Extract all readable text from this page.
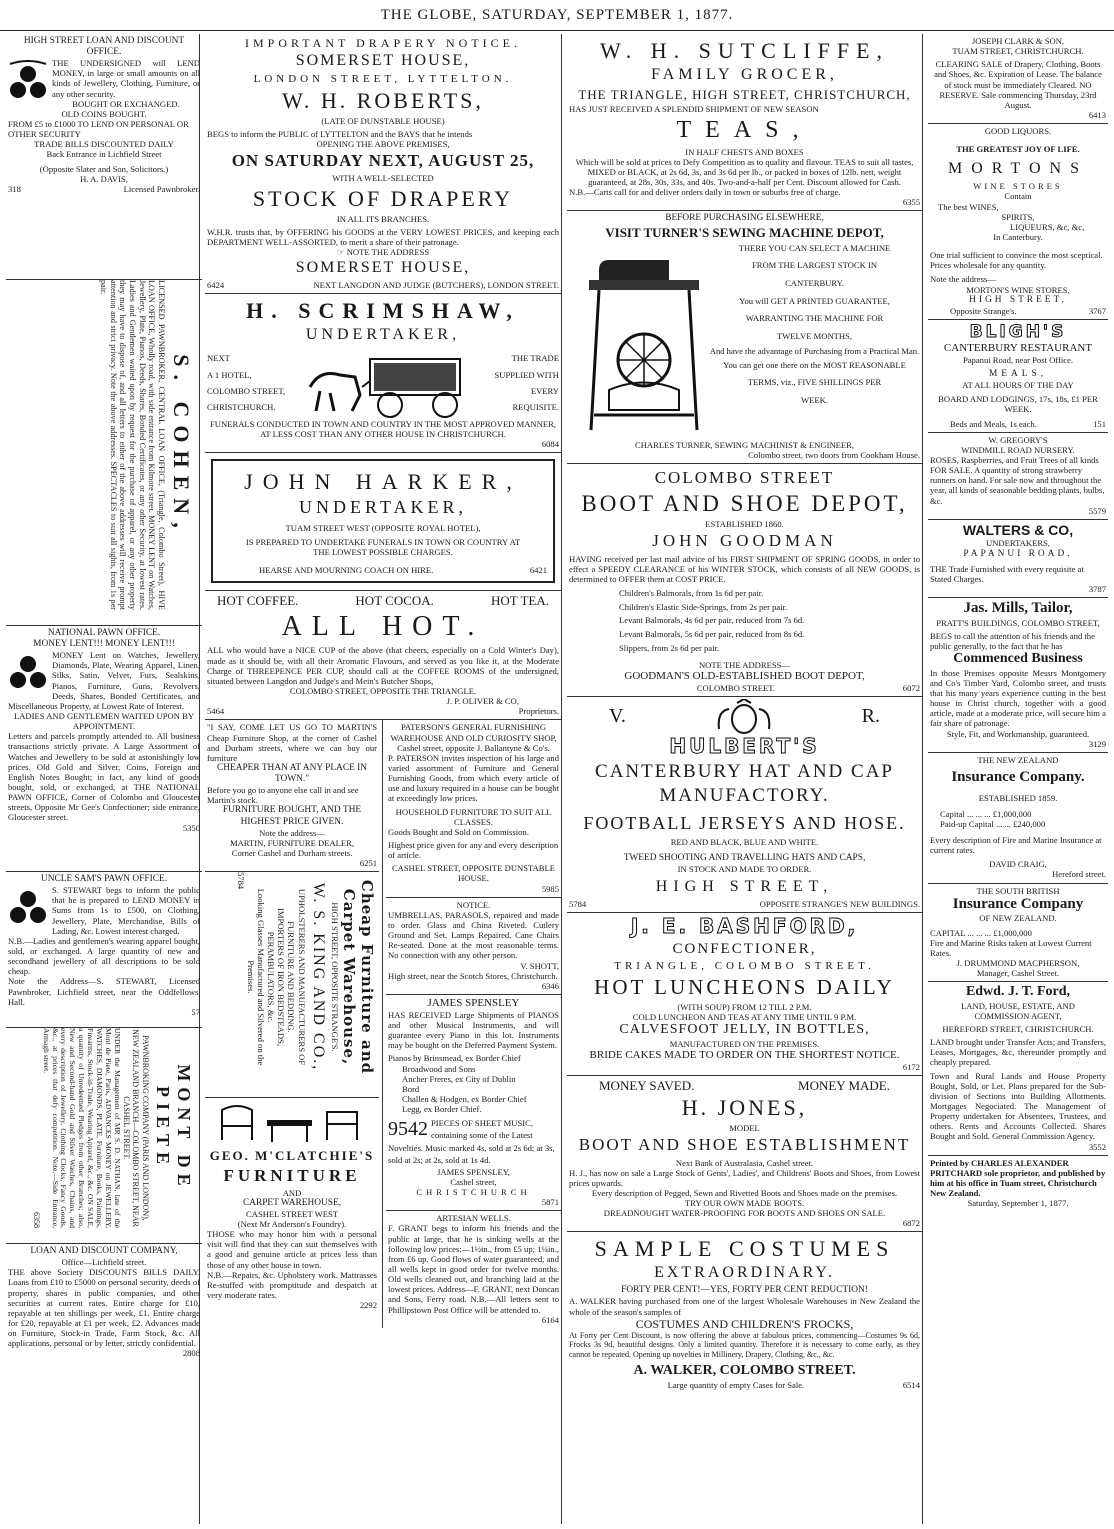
THE GLOBE, SATURDAY, SEPTEMBER 1, 1877.
HIGH STREET LOAN AND DISCOUNT OFFICE.
THE UNDERSIGNED will LEND MONEY, in large or small amounts on all kinds of Jewellery, Clothing, Furniture, or any other security.
BOUGHT OR EXCHANGED.
OLD COINS BOUGHT.
FROM £5 to £1000 TO LEND ON PERSONAL OR OTHER SECURITY
TRADE BILLS DISCOUNTED DAILY
Back Entrance in Lichfield Street
(Opposite Slater and Son, Solicitors.)
H. A. DAVIS,
318	Licensed Pawnbroker.
S. COHEN,
LICENSED PAWNBROKER, CENTRAL LOAN OFFICE, (Triangle, Colombo Street), HIVE LOAN OFFICE, Wholly road, with side entrance from Kilmore street. MONEY LENT on Watches, Jewellery, Plate, Pianos, Deeds, Shares, Bonded Certificates, or any other Security, at lowest rates. Ladies and Gentlemen waited upon by request for the purchase of apparel, or any other property they may have to dispose of, and all letters to either of the above addresses will receive prompt attention and strict privacy. Note the above addresses. SPECTACLES to suit all sights, from 1s per pair.
NATIONAL PAWN OFFICE.
MONEY LENT!!! MONEY LENT!!!
MONEY Lent on Watches, Jewellery, Diamonds, Plate, Wearing Apparel, Linen, Silks, Satin, Velvet, Furs, Sealskins, Pianos, Furniture, Guns, Revolvers, Deeds, Shares, Bonded Certificates, and Miscellaneous Property, at Lowest Rate of Interest.
LADIES AND GENTLEMEN WAITED UPON BY APPOINTMENT.
Letters and parcels promptly attended to. All business transactions strictly private. A Large Assortment of Watches and Jewellery to be sold at astonishingly low prices. Old Gold and Silver, Coins, Foreign and English Notes Bought; in fact, any kind of goods bought, sold, or exchanged, at THE NATIONAL PAWN OFFICE, Corner of Colombo and Gloucester streets, Opposite Mr Gee's Confectioner; side entrance, Gloucester street.
5350
UNCLE SAM'S PAWN OFFICE.
S. STEWART begs to inform the public that he is prepared to LEND MONEY in Sums from 1s to £500, on Clothing, Jewellery, Plate, Merchandise, Bills of Lading, &c. Lowest interest charged.
N.B.—Ladies and gentlemen's wearing apparel bought, sold, or exchanged. A large quantity of new and secondhand jewellery of all descriptions to be sold cheap.
Note the Address—S. STEWART, Licensed Pawnbroker, Lichfield street, near the Oddfellows' Hall.
57
MONT DE PIETE
PAWNBROKING COMPANY (PARIS AND LONDON), NEW ZEALAND BRANCH—COLOMBO STREET, NEAR CASHEL STREET.
UNDER the Management of MR S. D. NATHAN, late of the Mont de Piete, Paris, ADVANCES MONEY on JEWELLERY, WATCHES, DIAMONDS, PLATE, Furniture, Books, Paintings, Firearms, Stock-in-Trade, Wearing Apparel, &c., &c. ON SALE, a quantity of Unredeemed Pledges from other Branches; also, New and Second-hand Gold and Silver Watches, Chains, and every description of Jewellery, Clothing Clocks, Fancy Goods, &c., at prices that defy competition. Note.—Side Entrance, Armagh street.
6358
LOAN AND DISCOUNT COMPANY,
Office—Lichfield street.
THE above Society DISCOUNTS BILLS DAILY. Loans from £10 to £5000 on personal security, deeds of property, shares in public companies, and other securities at current rates. Entire charge for £10, repayable at ten shillings per week, £1. Entire charge for £20, repayable at £1 per week, £2. Advances made on Furniture, Stock-in Trade, Farm Stock, &c. All applications, personal or by letter, strictly confidential.
2808
IMPORTANT DRAPERY NOTICE.
SOMERSET HOUSE,
LONDON STREET, LYTTELTON.
W. H. ROBERTS,
(LATE OF DUNSTABLE HOUSE)
BEGS to inform the PUBLIC of LYTTELTON and the BAYS that he intends
OPENING THE ABOVE PREMISES,
ON SATURDAY NEXT, AUGUST 25,
WITH A WELL-SELECTED
STOCK OF DRAPERY
IN ALL ITS BRANCHES.
W.H.R. trusts that, by OFFERING his GOODS at the VERY LOWEST PRICES, and keeping each DEPARTMENT WELL-ASSORTED, to merit a share of their patronage.
☞ NOTE THE ADDRESS
SOMERSET HOUSE,
6424	NEXT LANGDON AND JUDGE (BUTCHERS), LONDON STREET.
H. SCRIMSHAW,
UNDERTAKER,
NEXT
A 1 HOTEL,
COLOMBO STREET,
CHRISTCHURCH.
THE TRADE
SUPPLIED WITH
EVERY
REQUISITE.
FUNERALS CONDUCTED IN TOWN AND COUNTRY IN THE MOST APPROVED MANNER, AT LESS COST THAN ANY OTHER HOUSE IN CHRISTCHURCH.
6084
JOHN HARKER,
UNDERTAKER,
TUAM STREET WEST (OPPOSITE ROYAL HOTEL),
IS PREPARED TO UNDERTAKE FUNERALS IN TOWN OR COUNTRY AT THE LOWEST POSSIBLE CHARGES.
HEARSE AND MOURNING COACH ON HIRE.	6421
HOT COFFEE.	HOT COCOA.	HOT TEA.
ALL HOT.
ALL who would have a NICE CUP of the above (that cheers, especially on a Cold Winter's Day), made as it should be, with all their Aromatic Flavours, and served as you like it, at the Moderate Charge of THREEPENCE PER CUP, should call at the COFFEE ROOMS of the undersigned, situated between Langdon and Judge's and Mein's Butcher Shops,
COLOMBO STREET, OPPOSITE THE TRIANGLE.
J. P. OLIVER & CO,
5464	Proprietors.
"I SAY, COME LET US GO TO MARTIN'S Cheap Furniture Shop, at the corner of Cashel and Durham streets, where we can buy our furniture
CHEAPER THAN AT ANY PLACE IN TOWN."
Before you go to anyone else call in and see Martin's stock.
FURNITURE BOUGHT, AND THE HIGHEST PRICE GIVEN.
Note the address—
MARTIN, FURNITURE DEALER,
Corner Cashel and Durham streets.
6251
Cheap Furniture and Carpet Warehouse,
HIGH STREET, OPPOSITE STRANGE'S.
W. S. KING AND CO.,
UPHOLSTERERS AND MANUFACTURERS OF FURNITURE AND BEDDING.
IMPORTERS OF IRON BEDSTEADS, PERAMBULATORS, &c.
Looking Glasses Manufactured and Silvered on the Premises.
5784
GEO. M'CLATCHIE'S
FURNITURE
AND
CARPET WAREHOUSE,
CASHEL STREET WEST
(Next Mr Anderson's Foundry).
THOSE who may honor him with a personal visit will find that they can suit themselves with a good and genuine article at prices less than those of any other house in town.
N.B.—Repairs, &c. Upholstery work. Mattrasses Re-stuffed with promptitude and despatch at very moderate rates.
2292
PATERSON'S GENERAL FURNISHING WAREHOUSE AND OLD CURIOSITY SHOP,
Cashel street, opposite J. Ballantyne & Co's.
P. PATERSON invites inspection of his large and varied assortment of Furniture and General Furnishing Goods, from which every article of use and luxury required in a house can be bought at exceedingly low prices.
HOUSEHOLD FURNITURE TO SUIT ALL CLASSES.
Goods Bought and Sold on Commission.
Highest price given for any and every description of article.
CASHEL STREET, OPPOSITE DUNSTABLE HOUSE.
5985
NOTICE.
UMBRELLAS, PARASOLS, repaired and made to order. Glass and China Riveted. Cutlery Ground and Set. Lamps Repaired. Cane Chairs Re-seated. Done at the most reasonable terms. No connection with any other person.
V. SHOTT,
High street, near the Scotch Stores, Christchurch.
6346
JAMES SPENSLEY
HAS RECEIVED Large Shipments of PIANOS and other Musical Instruments, and will guarantee every Piano in this lot. Instruments may be bought on the Deferred Payment System.
Pianos by Brinsmead, ex Border Chief
Broadwood and Sons
Ancher Freres, ex City of Dublin
Bord
Challen & Hodgen, ex Border Chief
Legg, ex Border Chief.
9542 PIECES OF SHEET MUSIC, containing some of the Latest Novelties. Music marked 4s, sold at 2s 6d; at 3s, sold at 2s; at 2s, sold at 1s 4d.
JAMES SPENSLEY,
Cashel street,
CHRISTCHURCH
5871
ARTESIAN WELLS.
F. GRANT begs to inform his friends and the public at large, that he is sinking wells at the following low prices:—1½in., from £5 up; 1¼in., from £6 up. Good flows of water guaranteed, and all wells kept in good order for twelve months. Old wells cleaned out, and branching laid at the lowest prices. Address—F. GRANT, next Duncan and Sons, Ferry road. N.B.—All letters sent to Phillipstown Post Office will be attended to.
6164
W. H. SUTCLIFFE,
FAMILY GROCER,
THE TRIANGLE, HIGH STREET, CHRISTCHURCH,
HAS JUST RECEIVED A SPLENDID SHIPMENT OF NEW SEASON
TEAS,
IN HALF CHESTS AND BOXES
Which will be sold at prices to Defy Competition as to quality and flavour. TEAS to suit all tastes, MIXED or BLACK, at 2s 6d, 3s, and 3s 6d per lb., or packed in boxes of 12lb. nett, weight guaranteed, at 28s, 30s, 33s, and 40s. Two-and-a-half per Cent. Discount allowed for Cash.
N.B.—Carts call for and deliver orders daily in town or suburbs free of charge.
6355
BEFORE PURCHASING ELSEWHERE,
VISIT TURNER'S SEWING MACHINE DEPOT,
THERE YOU CAN SELECT A MACHINE
FROM THE LARGEST STOCK IN
CANTERBURY.
You will GET A PRINTED GUARANTEE,
WARRANTING THE MACHINE FOR
TWELVE MONTHS,
And have the advantage of Purchasing from a Practical Man.
You can get one there on the MOST REASONABLE
TERMS, viz., FIVE SHILLINGS PER
WEEK.
CHARLES TURNER, SEWING MACHINIST & ENGINEER,
Colombo street, two doors from Cookham House.
COLOMBO STREET
BOOT AND SHOE DEPOT,
ESTABLISHED 1860.
JOHN GOODMAN
HAVING received per last mail advice of his FIRST SHIPMENT OF SPRING GOODS, in order to effect a SPEEDY CLEARANCE of his WINTER STOCK, which consists of all NEW GOODS, is determined to OFFER them at COST PRICE.
Children's Balmorals, from 1s 6d per pair.
Children's Elastic Side-Springs, from 2s per pair.
Levant Balmorals, 4s 6d per pair, reduced from 7s 6d.
Levant Balmorals, 5s 6d per pair, reduced from 8s 6d.
Slippers, from 2s 6d per pair.
NOTE THE ADDRESS—
GOODMAN'S OLD-ESTABLISHED BOOT DEPOT,
COLOMBO STREET.	6072
V.	R.
HULBERT'S
CANTERBURY HAT AND CAP
MANUFACTORY.
FOOTBALL JERSEYS AND HOSE.
RED AND BLACK, BLUE AND WHITE.
TWEED SHOOTING AND TRAVELLING HATS AND CAPS,
IN STOCK AND MADE TO ORDER.
HIGH STREET,
5784	OPPOSITE STRANGE'S NEW BUILDINGS.
J. E. BASHFORD,
CONFECTIONER,
TRIANGLE, COLOMBO STREET.
HOT LUNCHEONS DAILY
(WITH SOUP) FROM 12 TILL 2 P.M.
COLD LUNCHEON AND TEAS AT ANY TIME UNTIL 9 P.M.
CALVESFOOT JELLY, IN BOTTLES,
MANUFACTURED ON THE PREMISES.
BRIDE CAKES MADE TO ORDER ON THE SHORTEST NOTICE.
6172
MONEY SAVED.	MONEY MADE.
H. JONES,
MODEL
BOOT AND SHOE ESTABLISHMENT
Next Bank of Australasia, Cashel street.
H. J., has now on sale a Large Stock of Gents', Ladies', and Childrens' Boots and Shoes, from Lowest prices upwards.
Every description of Pegged, Sewn and Rivetted Boots and Shoes made on the premises.
TRY OUR OWN MADE BOOTS.
DREADNOUGHT WATER-PROOFING FOR BOOTS AND SHOES ON SALE.
6872
SAMPLE COSTUMES
EXTRAORDINARY.
FORTY PER CENT!—YES, FORTY PER CENT REDUCTION!
A. WALKER having purchased from one of the largest Wholesale Warehouses in New Zealand the whole of the season's samples of
COSTUMES AND CHILDREN'S FROCKS,
At Forty per Cent Discount, is now offering the above at fabulous prices, commencing—Costumes 9s 6d, Frocks 3s 9d, beautiful designs. Only a limited quantity. Therefore it is necessary to come early, as they cannot be repeated. Opening up novelties in Millinery, Drapery, Clothing, &c., &c.
A. WALKER, COLOMBO STREET.
Large quantity of empty Cases for Sale.	6514
JOSEPH CLARK & SON,
TUAM STREET, CHRISTCHURCH.
CLEARING SALE of Drapery, Clothing, Boots and Shoes, &c. Expiration of Lease. The balance of stock must be immediately Cleared. NO RESERVE. Sale commencing Thursday, 23rd August.
6413
GOOD LIQUORS.
THE GREATEST JOY OF LIFE.
MORTONS
WINE STORES
Contain
The best WINES,
SPIRITS,
LIQUEURS, &c, &c,
In Canterbury.
One trial sufficient to convince the most sceptical. Prices wholesale for any quantity.
Note the address—
MORTON'S WINE STORES,
HIGH STREET,
Opposite Strange's.	3767
BLIGH'S
CANTERBURY RESTAURANT
Papanui Road, near Post Office.
MEALS,
AT ALL HOURS OF THE DAY
BOARD AND LODGINGS, 17s, 18s, £1 PER WEEK.
Beds and Meals, 1s each.	151
W. GREGORY'S
WINDMILL ROAD NURSERY.
ROSES, Raspberries, and Fruit Trees of all kinds FOR SALE. A quantity of strong strawberry runners on hand. For sale now and throughout the year, all kinds of seasonable bedding plants, bulbs, &c.
5579
WALTERS & CO,
UNDERTAKERS,
PAPANUI ROAD.
THE Trade Furnished with every requisite at Stated Charges.
3787
Jas. Mills, Tailor,
PRATT'S BUILDINGS, COLOMBO STREET,
BEGS to call the attention of his friends and the public generally, to the fact that he has
Commenced Business
In those Premises opposite Messrs Montgomery and Co's Timber Yard, Colombo street, and trusts that his many years experience cutting in the best house in Christ church, together with a good article, made at a moderate price, will secure him a fair share of patronage.
Style, Fit, and Workmanship, guaranteed.
3129
THE NEW ZEALAND
Insurance Company.
ESTABLISHED 1859.
Capital ... ... ... £1,000,000
Paid-up Capital ... ... £240,000
Every description of Fire and Marine Insurance at current rates.
DAVID CRAIG,
Hereford street.
THE SOUTH BRITISH
Insurance Company
OF NEW ZEALAND.
CAPITAL ... ... ... £1,000,000
Fire and Marine Risks taken at Lowest Current Rates.
J. DRUMMOND MACPHERSON,
Manager, Cashel Street.
Edwd. J. T. Ford,
LAND, HOUSE, ESTATE, AND
COMMISSION AGENT,
HEREFORD STREET, CHRISTCHURCH.
LAND brought under Transfer Acts; and Transfers, Leases, Mortgages, &c, thereunder promptly and cheaply prepared.
Town and Rural Lands and House Property Bought, Sold, or Let. Plans prepared for the Sub-division of Sections into Building Allotments. Mortgages Negociated. The Management of Property undertaken for Absentees, Trustees, and others. Rents and Accounts Collected. Shares Bought and Sold. General Commission Agency.
3552
Printed by CHARLES ALEXANDER PRITCHARD sole proprietor, and published by him at his office in Tuam street, Christchurch New Zealand.
Saturday, September 1, 1877.
